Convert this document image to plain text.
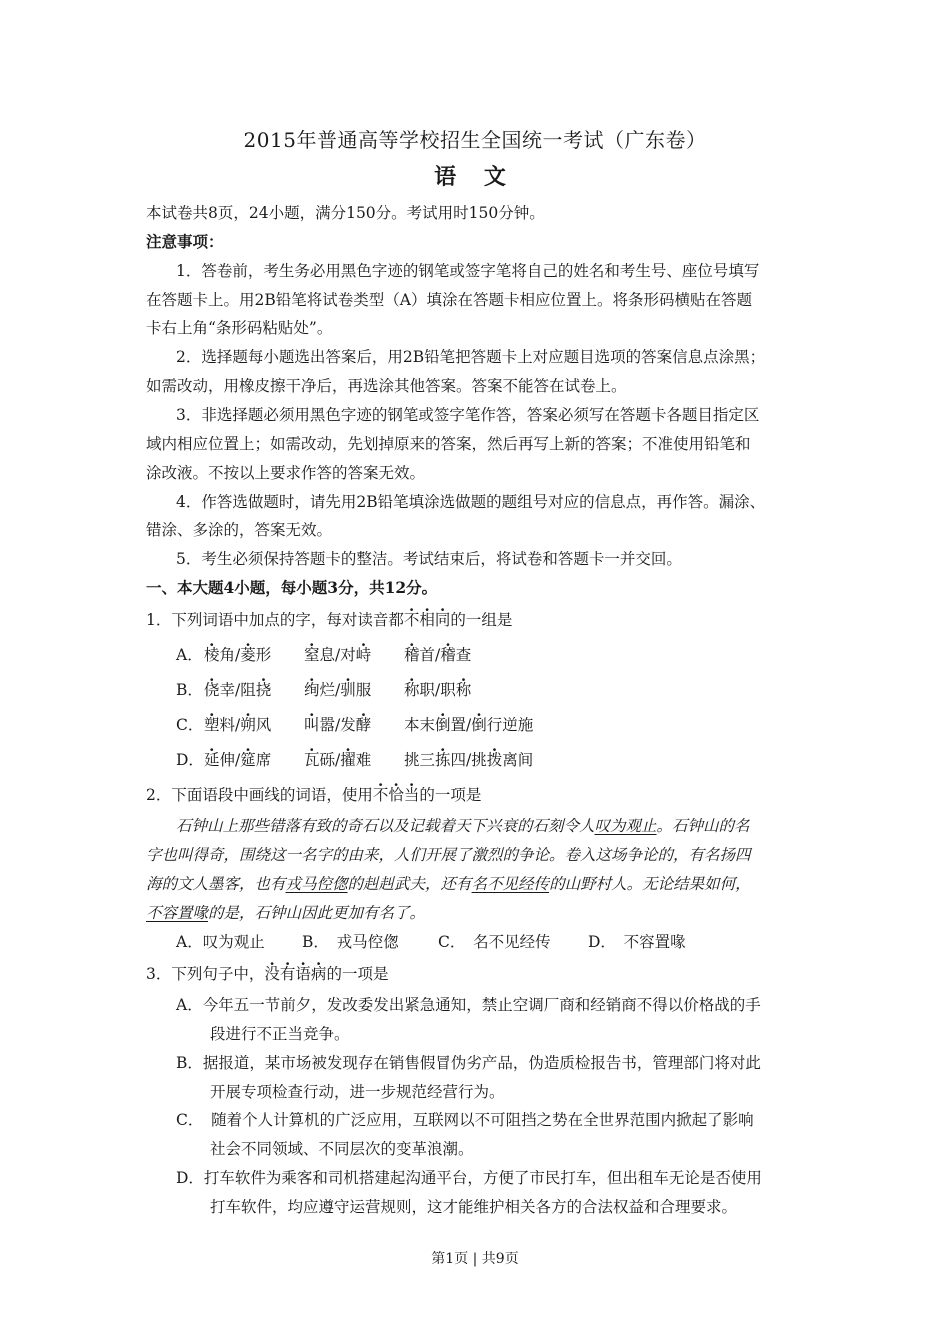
2015年普通高等学校招生全国统一考试（广东卷）
语 文
本试卷共8页，24小题，满分150分。考试用时150分钟。
注意事项：
1．答卷前，考生务必用黑色字迹的钢笔或签字笔将自己的姓名和考生号、座位号填写
在答题卡上。用2B铅笔将试卷类型（A）填涂在答题卡相应位置上。将条形码横贴在答题
卡右上角“条形码粘贴处”。
2．选择题每小题选出答案后，用2B铅笔把答题卡上对应题目选项的答案信息点涂黑；
如需改动，用橡皮擦干净后，再选涂其他答案。答案不能答在试卷上。
3．非选择题必须用黑色字迹的钢笔或签字笔作答，答案必须写在答题卡各题目指定区
域内相应位置上；如需改动，先划掉原来的答案，然后再写上新的答案；不准使用铅笔和
涂改液。不按以上要求作答的答案无效。
4．作答选做题时，请先用2B铅笔填涂选做题的题组号对应的信息点，再作答。漏涂、
错涂、多涂的，答案无效。
5．考生必须保持答题卡的整洁。考试结束后，将试卷和答题卡一并交回。
一、本大题4小题，每小题3分，共12分。
1．下列词语中加点的字，每对读音都不相同的一组是
A． 棱角/菱形 窒息/对峙 稽首/稽查
B． 侥幸/阻挠 绚烂/驯服 称职/职称
C． 塑料/朔风 叫嚣/发酵 本末倒置/倒行逆施
D． 延伸/筵席 瓦砾/擢难 挑三拣四/挑拨离间
2．下面语段中画线的词语，使用不恰当的一项是
石钟山上那些错落有致的奇石以及记载着天下兴衰的石刻令人叹为观止。石钟山的名
字也叫得奇，围绕这一名字的由来，人们开展了激烈的争论。卷入这场争论的，有名扬四
海的文人墨客，也有戎马倥偬的赳赳武夫，还有名不见经传的山野村人。无论结果如何，
不容置喙的是，石钟山因此更加有名了。
A．叹为观止 B．　戎马倥偬	C．　名不见经传 D．　不容置喙
3．下列句子中，没有语病的一项是
A．今年五一节前夕，发改委发出紧急通知，禁止空调厂商和经销商不得以价格战的手
段进行不正当竞争。
B．据报道，某市场被发现存在销售假冒伪劣产品，伪造质检报告书，管理部门将对此
开展专项检查行动，进一步规范经营行为。
C．　随着个人计算机的广泛应用，互联网以不可阻挡之势在全世界范围内掀起了影响
社会不同领域、不同层次的变革浪潮。
D．打车软件为乘客和司机搭建起沟通平台，方便了市民打车，但出租车无论是否使用
打车软件，均应遵守运营规则，这才能维护相关各方的合法权益和合理要求。
第1页 | 共9页
